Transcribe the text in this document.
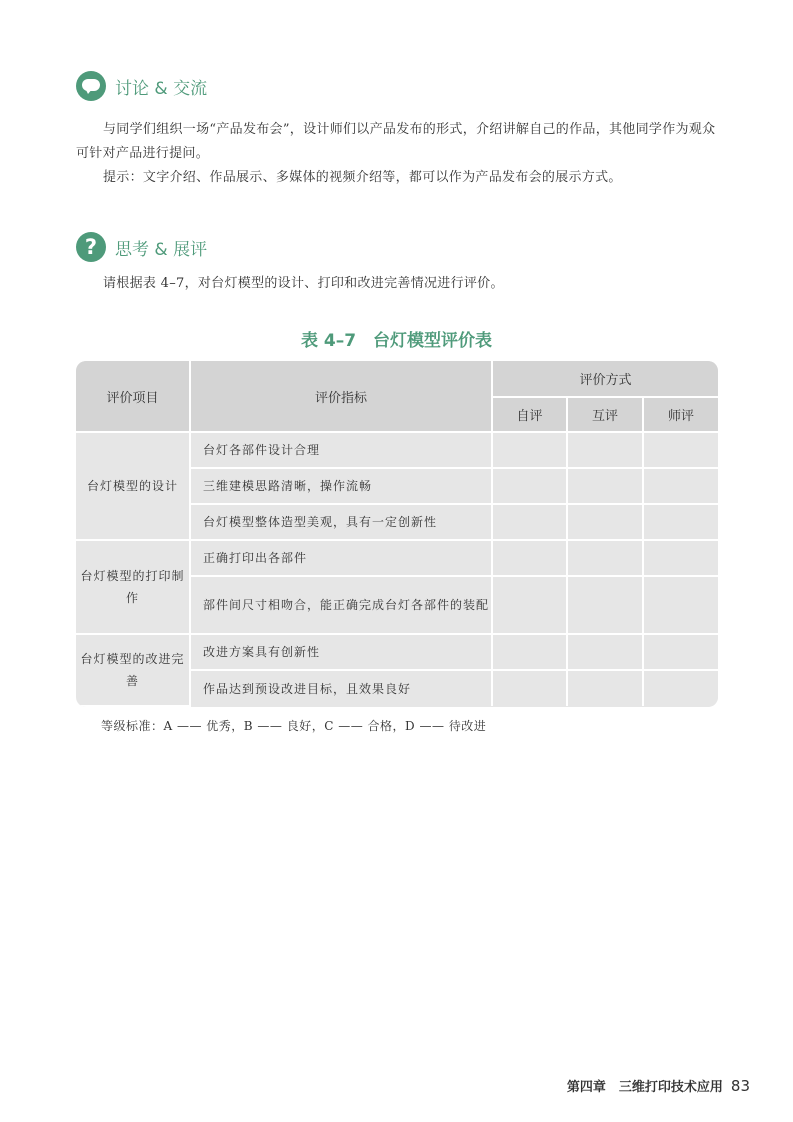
讨论 & 交流

与同学们组织一场“产品发布会”，设计师们以产品发布的形式，介绍讲解自己的作品，其他同学作为观众可针对产品进行提问。

提示：文字介绍、作品展示、多媒体的视频介绍等，都可以作为产品发布会的展示方式。

?	思考 & 展评

请根据表 4–7，对台灯模型的设计、打印和改进完善情况进行评价。

表 4–7　台灯模型评价表
评价项目	评价指标	评价方式		
		自评	互评	师评
台灯模型的设计	台灯各部件设计合理			
	三维建模思路清晰，操作流畅			
	台灯模型整体造型美观，具有一定创新性			
台灯模型的打印制作	正确打印出各部件			
	部件间尺寸相吻合，能正确完成台灯各部件的装配			
台灯模型的改进完善	改进方案具有创新性			
	作品达到预设改进目标，且效果良好			
等级标准：A —— 优秀，B —— 良好，C —— 合格，D —— 待改进
第四章　三维打印技术应用 83
